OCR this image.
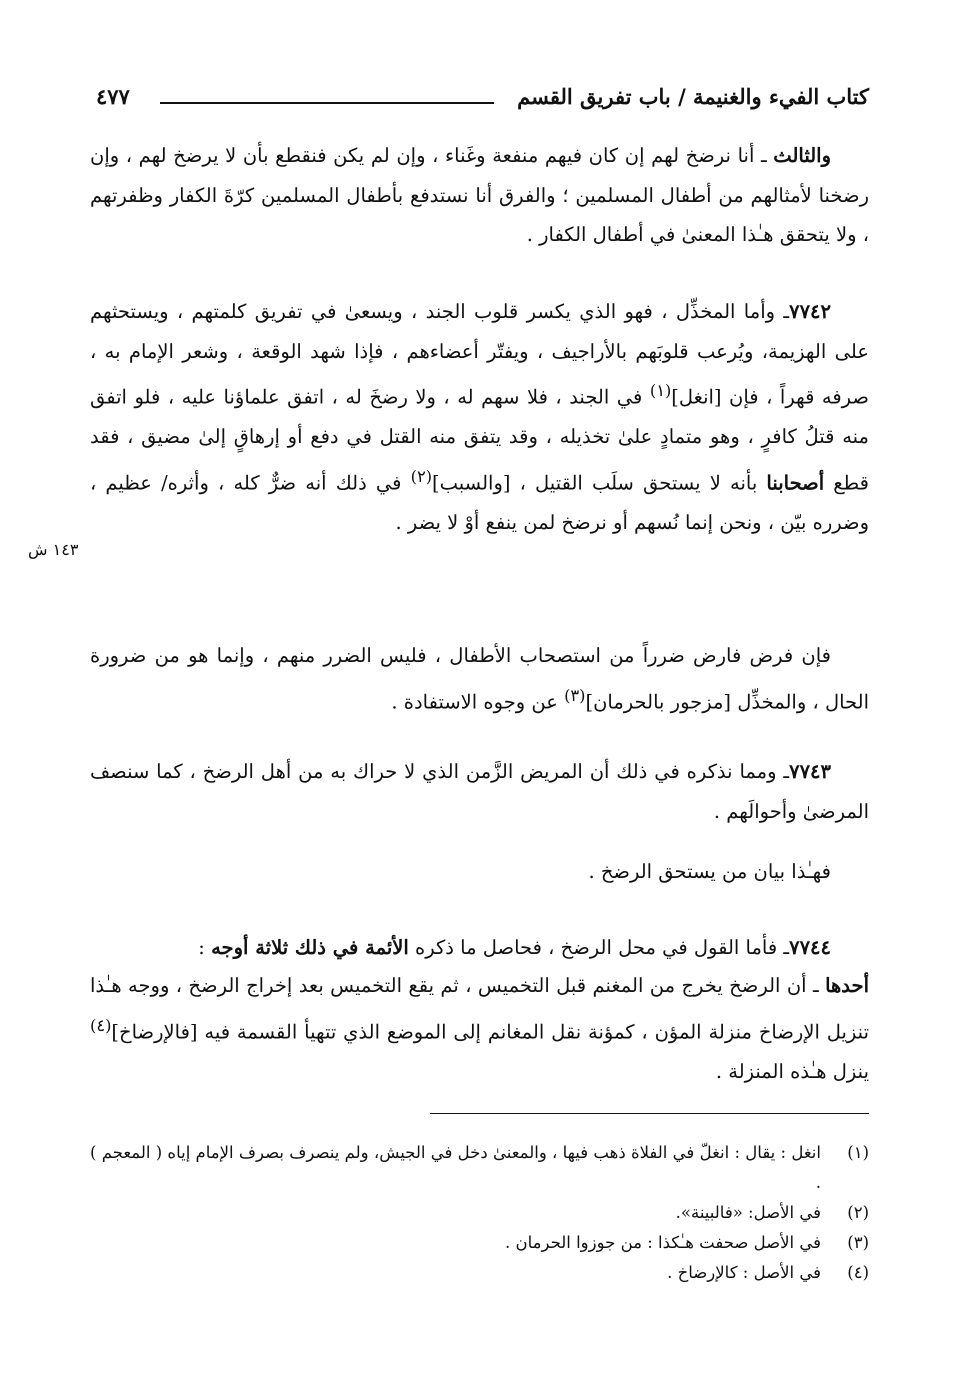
كتاب الفيء والغنيمة / باب تفريق القسم
٤٧٧

والثالث ـ أنا نرضخ لهم إن كان فيهم منفعة وغَناء ، وإن لم يكن فنقطع بأن لا يرضخ لهم ، وإن رضخنا لأمثالهم من أطفال المسلمين ؛ والفرق أنا نستدفع بأطفال المسلمين كرّةَ الكفار وظفرتهم ، ولا يتحقق هـٰذا المعنىٰ في أطفال الكفار .

٧٧٤٢ـ وأما المخذِّل ، فهو الذي يكسر قلوب الجند ، ويسعىٰ في تفريق كلمتهم ، ويستحثهم على الهزيمة، ويُرعب قلوبَهم بالأراجيف ، ويفتّر أعضاءهم ، فإذا شهد الوقعة ، وشعر الإمام به ، صرفه قهراً ، فإن [انغل]$^{(١)}$ في الجند ، فلا سهم له ، ولا رضخَ له ، اتفق علماؤنا عليه ، فلو اتفق منه قتلُ كافرٍ ، وهو متمادٍ علىٰ تخذيله ، وقد يتفق منه القتل في دفع أو إرهاقٍ إلىٰ مضيق ، فقد قطع أصحابنا بأنه لا يستحق سلَب القتيل ، [والسبب]$^{(٢)}$ في ذلك أنه ضرٌّ كله ، وأثره/ عظيم ، وضرره بيّن ، ونحن إنما نُسهم أو نرضخ لمن ينفع أوْ لا يضر .

١٤٣ ش

فإن فرض فارض ضرراً من استصحاب الأطفال ، فليس الضرر منهم ، وإنما هو من ضرورة الحال ، والمخذِّل [مزجور بالحرمان]$^{(٣)}$ عن وجوه الاستفادة .

٧٧٤٣ـ ومما نذكره في ذلك أن المريض الزَّمن الذي لا حراك به من أهل الرضخ ، كما سنصف المرضىٰ وأحوالَهم .

فهـٰذا بيان من يستحق الرضخ .

٧٧٤٤ـ فأما القول في محل الرضخ ، فحاصل ما ذكره الأئمة في ذلك ثلاثة أوجه :

أحدها ـ أن الرضخ يخرج من المغنم قبل التخميس ، ثم يقع التخميس بعد إخراج الرضخ ، ووجه هـٰذا تنزيل الإرضاخ منزلة المؤن ، كمؤنة نقل المغانم إلى الموضع الذي تتهيأ القسمة فيه [فالإرضاخ]$^{(٤)}$ ينزل هـٰذه المنزلة .

(١)
انغل : يقال : انغلّ في الفلاة ذهب فيها ، والمعنىٰ دخل في الجيش، ولم ينصرف بصرف الإمام إياه ( المعجم ) .
(٢)
في الأصل: «فالبينة».
(٣)
في الأصل صحفت هـٰكذا : من جوزوا الحرمان .
(٤)
في الأصل : كالإرضاخ .
